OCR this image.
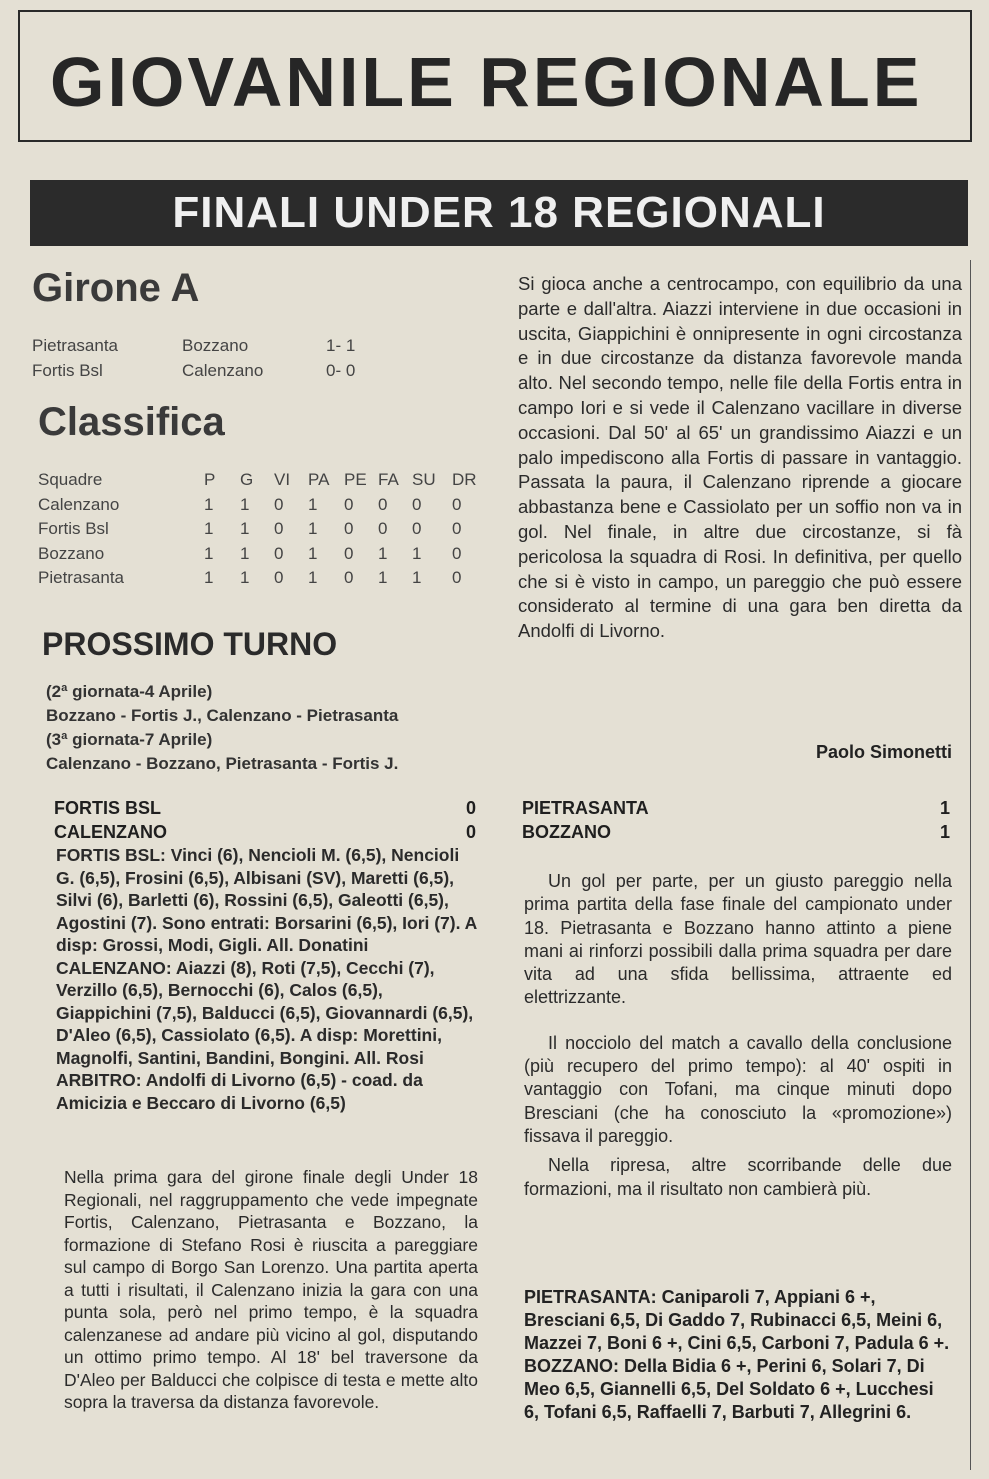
GIOVANILE REGIONALE
FINALI UNDER 18 REGIONALI
Girone A
Pietrasanta	Bozzano	1- 1
Fortis Bsl	Calenzano	0- 0
Classifica
Squadre	P G VI PA PE FA SU DR
Calenzano	1 1 0 1 0 0 0 0
Fortis Bsl	1 1 0 1 0 0 0 0
Bozzano	1 1 0 1 0 1 1 0
Pietrasanta	1 1 0 1 0 1 1 0
PROSSIMO TURNO
(2ª giornata-4 Aprile)
Bozzano - Fortis J., Calenzano - Pietrasanta
(3ª giornata-7 Aprile)
Calenzano - Bozzano, Pietrasanta - Fortis J.
FORTIS BSL	0
CALENZANO	0

FORTIS BSL: Vinci (6), Nencioli M. (6,5), Nencioli G. (6,5), Frosini (6,5), Albisani (SV), Maretti (6,5), Silvi (6), Barletti (6), Rossini (6,5), Galeotti (6,5), Agostini (7). Sono entrati: Borsarini (6,5), Iori (7). A disp: Grossi, Modi, Gigli. All. Donatini CALENZANO: Aiazzi (8), Roti (7,5), Cecchi (7), Verzillo (6,5), Bernocchi (6), Calos (6,5), Giappichini (7,5), Balducci (6,5), Giovannardi (6,5), D'Aleo (6,5), Cassiolato (6,5). A disp: Morettini, Magnolfi, Santini, Bandini, Bongini. All. Rosi ARBITRO: Andolfi di Livorno (6,5) - coad. da Amicizia e Beccaro di Livorno (6,5)

Nella prima gara del girone finale degli Under 18 Regionali, nel raggruppamento che vede impegnate Fortis, Calenzano, Pietrasanta e Bozzano, la formazione di Stefano Rosi è riuscita a pareggiare sul campo di Borgo San Lorenzo. Una partita aperta a tutti i risultati, il Calenzano inizia la gara con una punta sola, però nel primo tempo, è la squadra calenzanese ad andare più vicino al gol, disputando un ottimo primo tempo. Al 18' bel traversone da D'Aleo per Balducci che colpisce di testa e mette alto sopra la traversa da distanza favorevole.
Si gioca anche a centrocampo, con equilibrio da una parte e dall'altra. Aiazzi interviene in due occasioni in uscita, Giappichini è onnipresente in ogni circostanza e in due circostanze da distanza favorevole manda alto. Nel secondo tempo, nelle file della Fortis entra in campo Iori e si vede il Calenzano vacillare in diverse occasioni. Dal 50' al 65' un grandissimo Aiazzi e un palo impediscono alla Fortis di passare in vantaggio. Passata la paura, il Calenzano riprende a giocare abbastanza bene e Cassiolato per un soffio non va in gol. Nel finale, in altre due circostanze, si fà pericolosa la squadra di Rosi. In definitiva, per quello che si è visto in campo, un pareggio che può essere considerato al termine di una gara ben diretta da Andolfi di Livorno.
Paolo Simonetti
PIETRASANTA	1
BOZZANO	1

Un gol per parte, per un giusto pareggio nella prima partita della fase finale del campionato under 18. Pietrasanta e Bozzano hanno attinto a piene mani ai rinforzi possibili dalla prima squadra per dare vita ad una sfida bellissima, attraente ed elettrizzante.

Il nocciolo del match a cavallo della conclusione (più recupero del primo tempo): al 40' ospiti in vantaggio con Tofani, ma cinque minuti dopo Bresciani (che ha conosciuto la «promozione») fissava il pareggio.

Nella ripresa, altre scorribande delle due formazioni, ma il risultato non cambierà più.

PIETRASANTA: Caniparoli 7, Appiani 6 +, Bresciani 6,5, Di Gaddo 7, Rubinacci 6,5, Meini 6, Mazzei 7, Boni 6 +, Cini 6,5, Carboni 7, Padula 6 +.

BOZZANO: Della Bidia 6 +, Perini 6, Solari 7, Di Meo 6,5, Giannelli 6,5, Del Soldato 6 +, Lucchesi 6, Tofani 6,5, Raffaelli 7, Barbuti 7, Allegrini 6.
